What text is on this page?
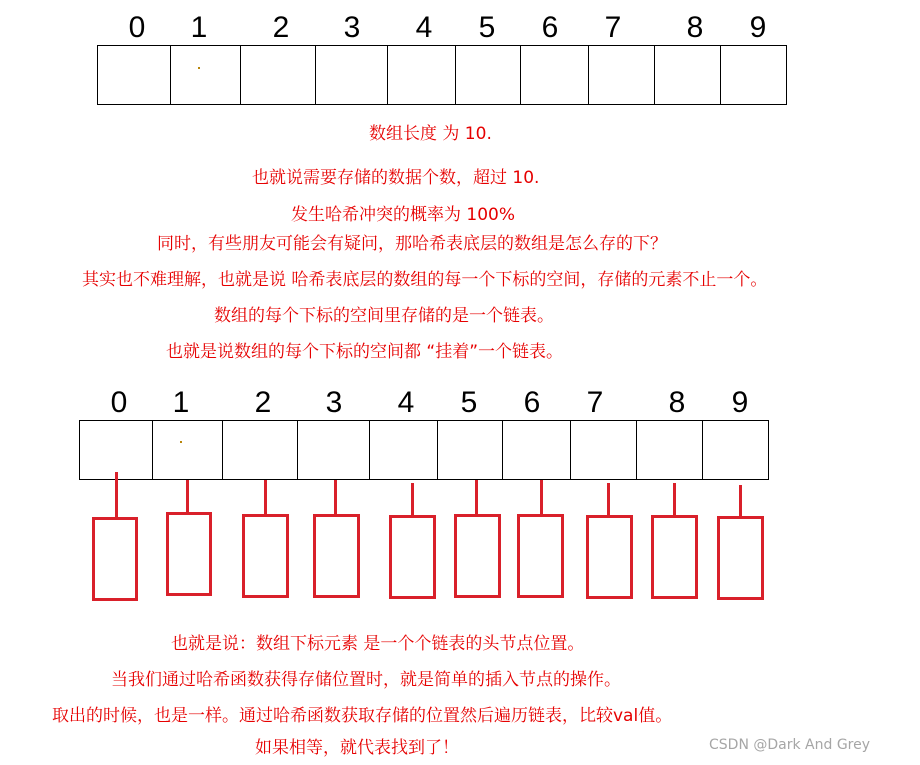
0 1 2 3 4 5 6 7 8 9
数组长度 为 10.
也就说需要存储的数据个数，超过 10.
发生哈希冲突的概率为 100%
同时，有些朋友可能会有疑问，那哈希表底层的数组是怎么存的下？
其实也不难理解，也就是说 哈希表底层的数组的每一个下标的空间，存储的元素不止一个。
数组的每个下标的空间里存储的是一个链表。
也就是说数组的每个下标的空间都 “挂着”一个链表。
0 1 2 3 4 5 6 7 8 9
也就是说：数组下标元素 是一个个链表的头节点位置。
当我们通过哈希函数获得存储位置时，就是简单的插入节点的操作。
取出的时候，也是一样。通过哈希函数获取存储的位置然后遍历链表，比较val值。
如果相等，就代表找到了！	CSDN @Dark And Grey
